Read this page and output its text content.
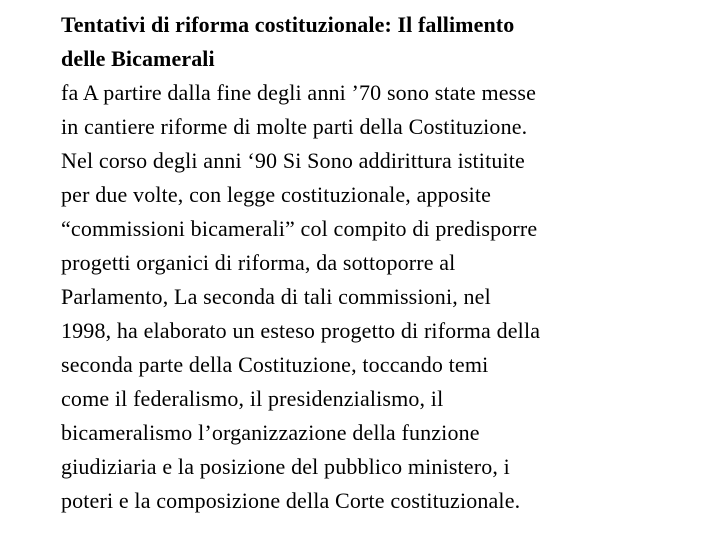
Tentativi di riforma costituzionale: Il fallimento
delle Bicamerali

fa A partire dalla fine degli anni ’70 sono state messe
in cantiere riforme di molte parti della Costituzione.
Nel corso degli anni ‘90 Si Sono addirittura istituite
per due volte, con legge costituzionale, apposite
“commissioni bicamerali” col compito di predisporre
progetti organici di riforma, da sottoporre al
Parlamento, La seconda di tali commissioni, nel
1998, ha elaborato un esteso progetto di riforma della
seconda parte della Costituzione, toccando temi
come il federalismo, il presidenzialismo, il
bicameralismo l’organizzazione della funzione
giudiziaria e la posizione del pubblico ministero, i
poteri e la composizione della Corte costituzionale.
